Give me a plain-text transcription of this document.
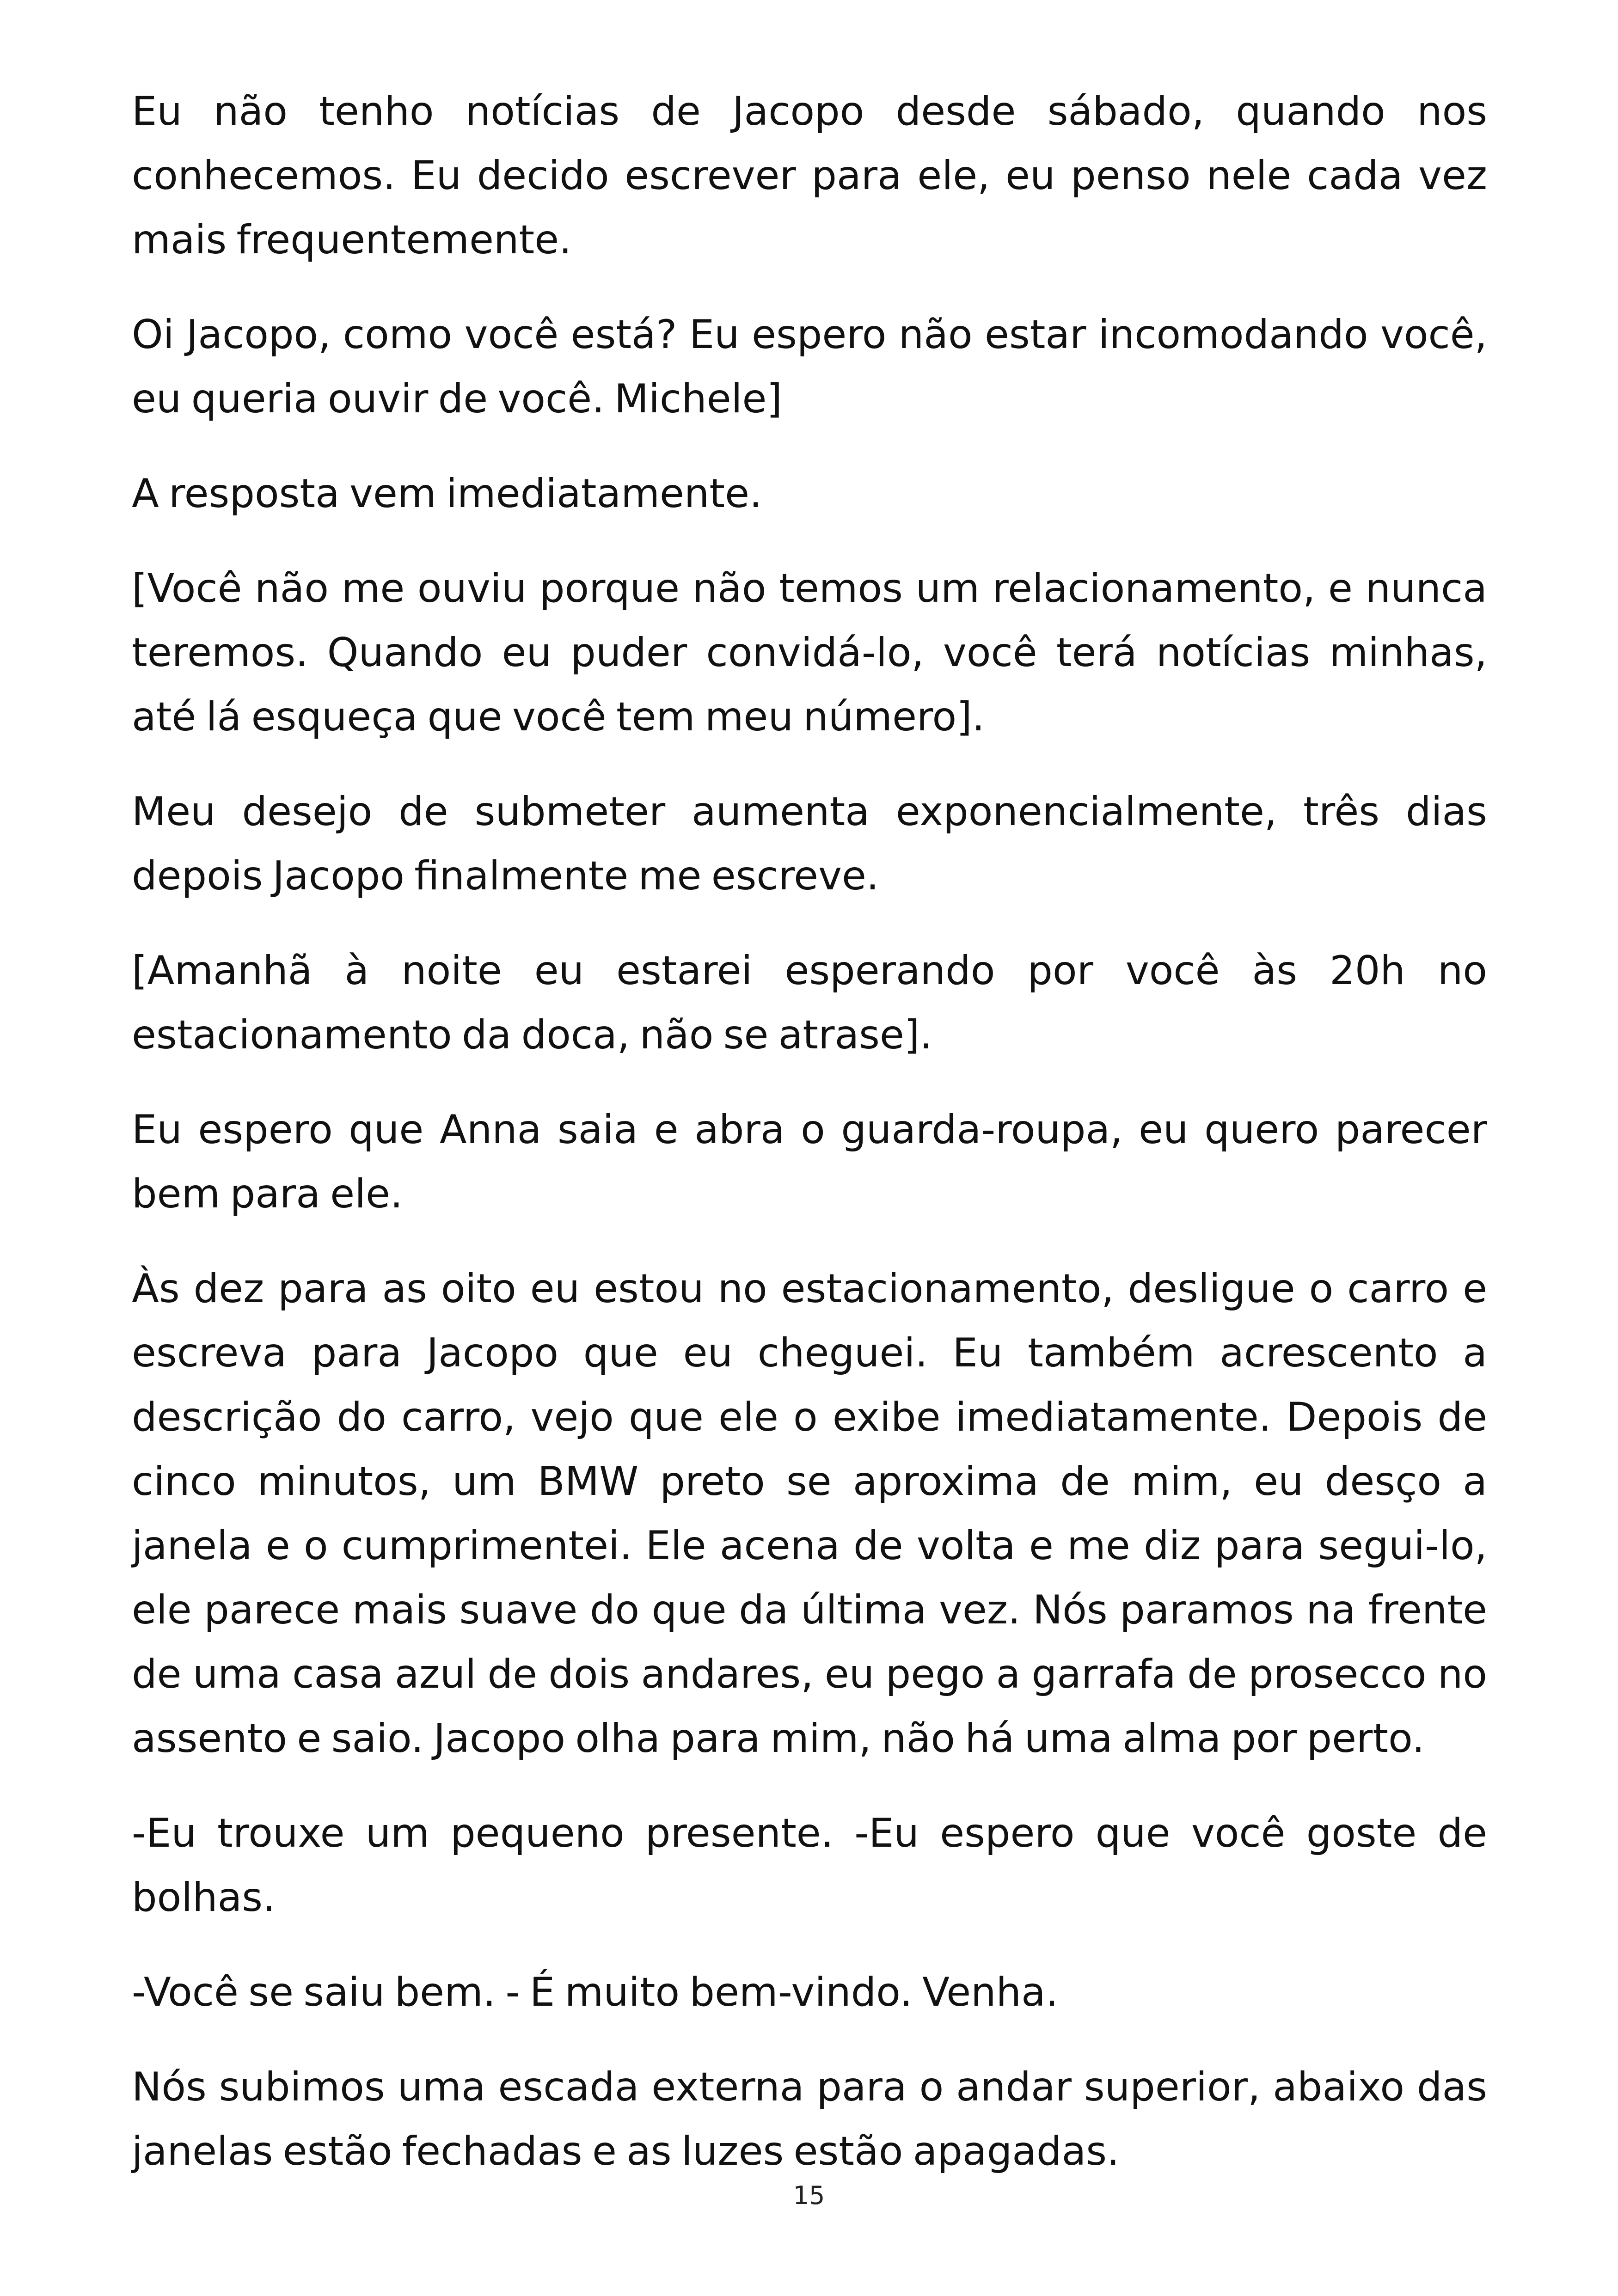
Eu não tenho notícias de Jacopo desde sábado, quando nos conhecemos. Eu decido escrever para ele, eu penso nele cada vez mais frequentemente.

Oi Jacopo, como você está? Eu espero não estar incomodando você, eu queria ouvir de você. Michele]

A resposta vem imediatamente.

[Você não me ouviu porque não temos um relacionamento, e nunca teremos. Quando eu puder convidá-lo, você terá notícias minhas, até lá esqueça que você tem meu número].

Meu desejo de submeter aumenta exponencialmente, três dias depois Jacopo finalmente me escreve.

[Amanhã à noite eu estarei esperando por você às 20h no estacionamento da doca, não se atrase].

Eu espero que Anna saia e abra o guarda-roupa, eu quero parecer bem para ele.

Às dez para as oito eu estou no estacionamento, desligue o carro e escreva para Jacopo que eu cheguei. Eu também acrescento a descrição do carro, vejo que ele o exibe imediatamente. Depois de cinco minutos, um BMW preto se aproxima de mim, eu desço a janela e o cumprimentei. Ele acena de volta e me diz para segui-lo, ele parece mais suave do que da última vez. Nós paramos na frente de uma casa azul de dois andares, eu pego a garrafa de prosecco no assento e saio. Jacopo olha para mim, não há uma alma por perto.

-Eu trouxe um pequeno presente. -Eu espero que você goste de bolhas.

-Você se saiu bem. - É muito bem-vindo. Venha.

Nós subimos uma escada externa para o andar superior, abaixo das janelas estão fechadas e as luzes estão apagadas.

15
